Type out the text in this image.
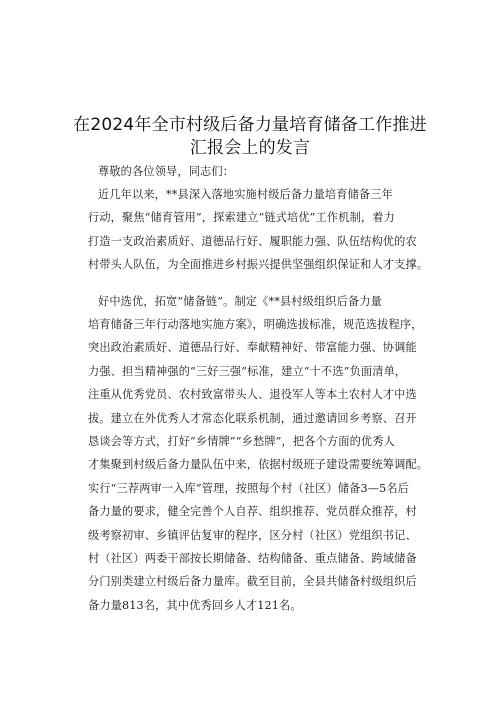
在2024年全市村级后备力量培育储备工作推进
汇报会上的发言
尊敬的各位领导，同志们：
近几年以来，**县深入落地实施村级后备力量培育储备三年
行动，聚焦“储育管用”，探索建立“链式培优”工作机制，着力
打造一支政治素质好、道德品行好、履职能力强、队伍结构优的农
村带头人队伍，为全面推进乡村振兴提供坚强组织保证和人才支撑。
好中选优，拓宽“储备链”。制定《**县村级组织后备力量
培育储备三年行动落地实施方案》，明确选拔标准，规范选拔程序，
突出政治素质好、道德品行好、奉献精神好、带富能力强、协调能
力强、担当精神强的“三好三强”标准，建立“十不选”负面清单，
注重从优秀党员、农村致富带头人、退役军人等本土农村人才中选
拔。建立在外优秀人才常态化联系机制，通过邀请回乡考察、召开
恳谈会等方式，打好“乡情牌”“乡愁牌”，把各个方面的优秀人
才集聚到村级后备力量队伍中来，依据村级班子建设需要统筹调配。
实行“三荐两审一入库”管理，按照每个村（社区）储备3—5名后
备力量的要求，健全完善个人自荐、组织推荐、党员群众推荐，村
级考察初审、乡镇评估复审的程序，区分村（社区）党组织书记、
村（社区）两委干部按长期储备、结构储备、重点储备、跨域储备
分门别类建立村级后备力量库。截至目前，全县共储备村级组织后
备力量813名，其中优秀回乡人才121名。
